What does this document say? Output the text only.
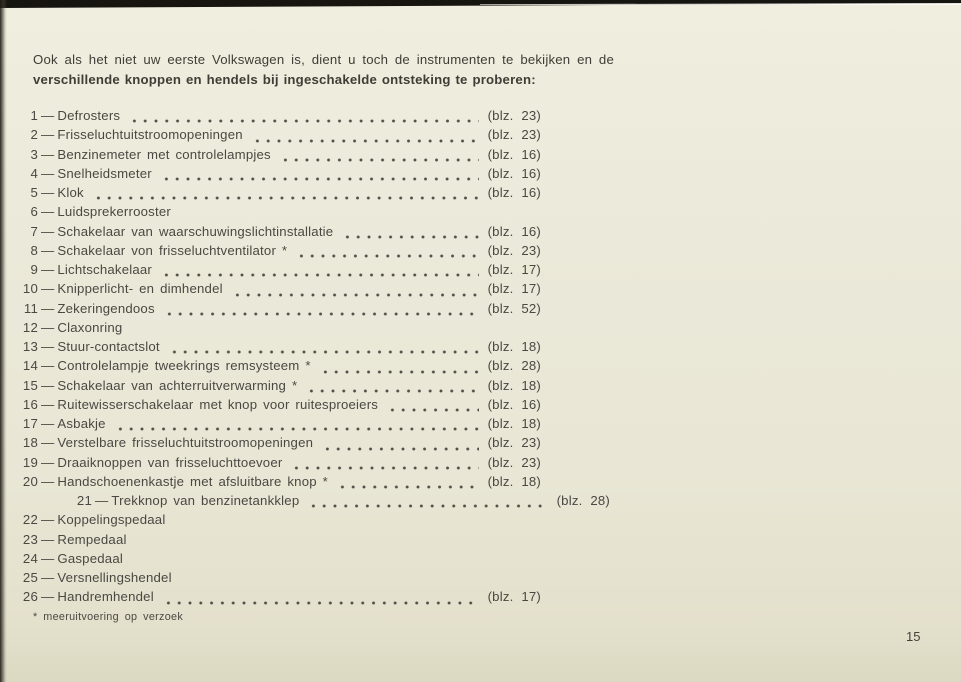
Ook als het niet uw eerste Volkswagen is, dient u toch de instrumenten te bekijken en de
verschillende knoppen en hendels bij ingeschakelde ontsteking te proberen:
1 — Defrosters	(blz. 23)
2 — Frisseluchtuitstroomopeningen	(blz. 23)
3 — Benzinemeter met controlelampjes	(blz. 16)
4 — Snelheidsmeter	(blz. 16)
5 — Klok	(blz. 16)
6 — Luidsprekerrooster
7 — Schakelaar van waarschuwingslichtinstallatie	(blz. 16)
8 — Schakelaar von frisseluchtventilator *	(blz. 23)
9 — Lichtschakelaar	(blz. 17)
10 — Knipperlicht- en dimhendel	(blz. 17)
11 — Zekeringendoos	(blz. 52)
12 — Claxonring
13 — Stuur-contactslot	(blz. 18)
14 — Controlelampje tweekrings remsysteem *	(blz. 28)
15 — Schakelaar van achterruitverwarming *	(blz. 18)
16 — Ruitewisserschakelaar met knop voor ruitesproeiers	(blz. 16)
17 — Asbakje	(blz. 18)
18 — Verstelbare frisseluchtuitstroomopeningen	(blz. 23)
19 — Draaiknoppen van frisseluchttoevoer	(blz. 23)
20 — Handschoenenkastje met afsluitbare knop *	(blz. 18)
21 — Trekknop van benzinetankklep	(blz. 28)
22 — Koppelingspedaal
23 — Rempedaal
24 — Gaspedaal
25 — Versnellingshendel
26 — Handremhendel	(blz. 17)
* meeruitvoering op verzoek
15
